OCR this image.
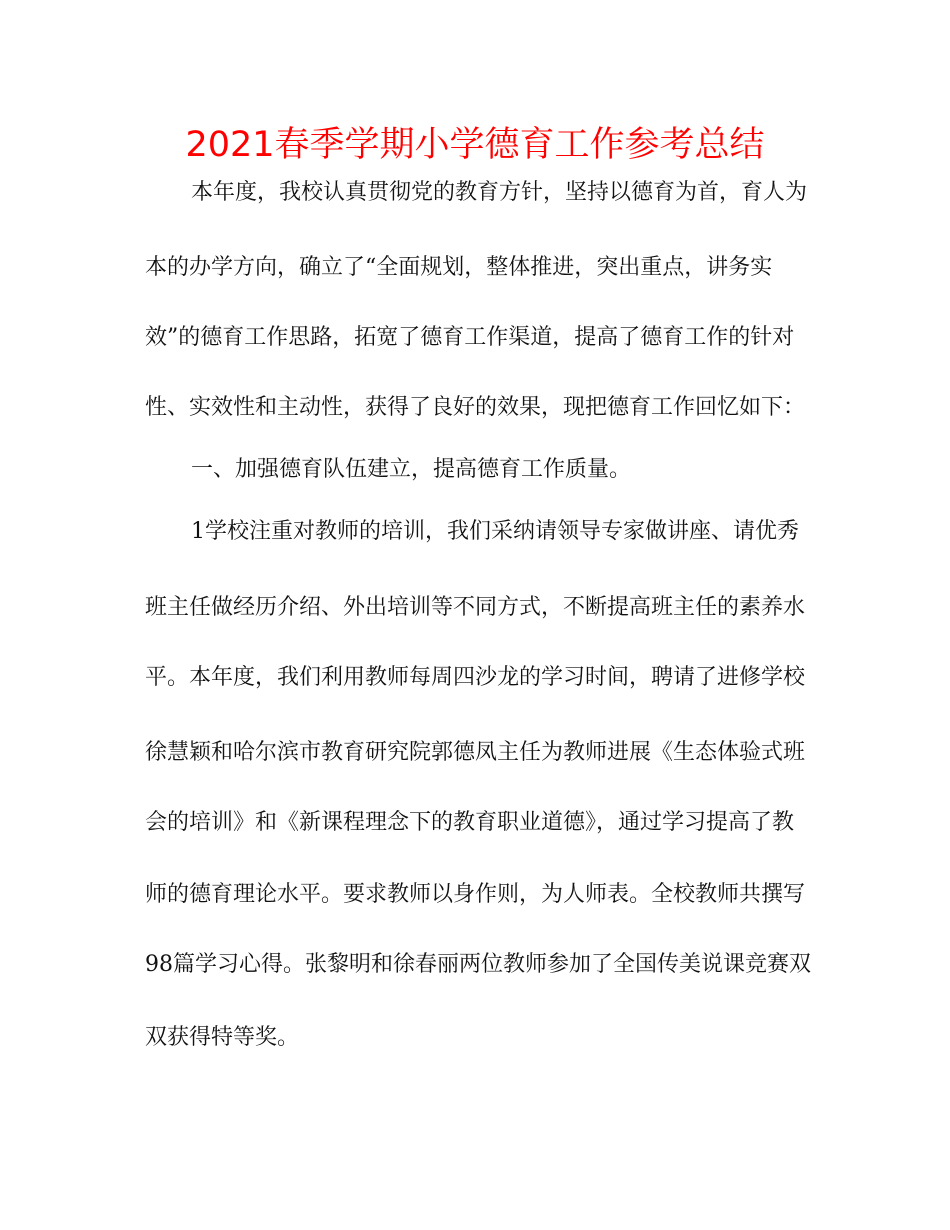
2021春季学期小学德育工作参考总结
本年度，我校认真贯彻党的教育方针，坚持以德育为首，育人为
本的办学方向，确立了“全面规划，整体推进，突出重点，讲务实
效”的德育工作思路，拓宽了德育工作渠道，提高了德育工作的针对
性、实效性和主动性，获得了良好的效果，现把德育工作回忆如下：
一、加强德育队伍建立，提高德育工作质量。
1学校注重对教师的培训，我们采纳请领导专家做讲座、请优秀
班主任做经历介绍、外出培训等不同方式，不断提高班主任的素养水
平。本年度，我们利用教师每周四沙龙的学习时间，聘请了进修学校
徐慧颖和哈尔滨市教育研究院郭德凤主任为教师进展《生态体验式班
会的培训》和《新课程理念下的教育职业道德》，通过学习提高了教
师的德育理论水平。要求教师以身作则，为人师表。全校教师共撰写
98篇学习心得。张黎明和徐春丽两位教师参加了全国传美说课竞赛双
双获得特等奖。
